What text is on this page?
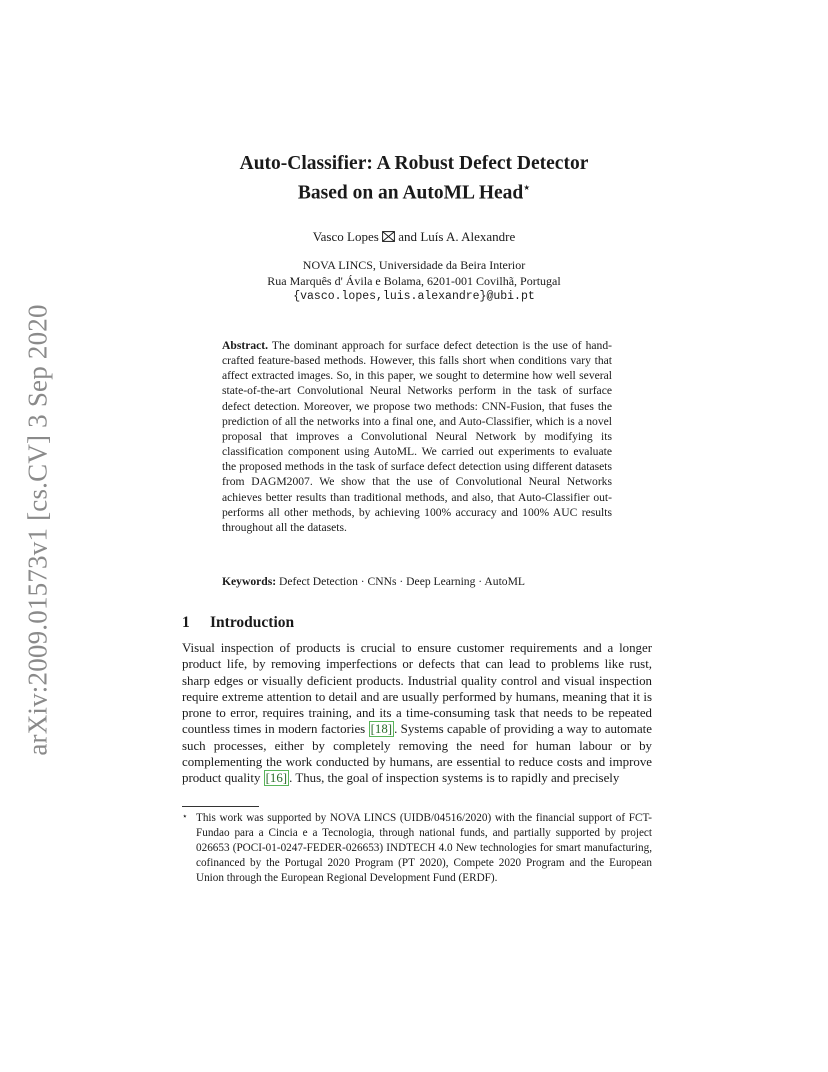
arXiv:2009.01573v1 [cs.CV] 3 Sep 2020
Auto-Classifier: A Robust Defect Detector
Based on an AutoML Head⋆
Vasco Lopes and Luís A. Alexandre
NOVA LINCS, Universidade da Beira Interior
Rua Marquês d' Ávila e Bolama, 6201-001 Covilhã, Portugal
{vasco.lopes,luis.alexandre}@ubi.pt
Abstract. The dominant approach for surface defect detection is the use of hand-crafted feature-based methods. However, this falls short when conditions vary that affect extracted images. So, in this paper, we sought to determine how well several state-of-the-art Convolutional Neural Networks perform in the task of surface defect detection. Moreover, we propose two methods: CNN-Fusion, that fuses the prediction of all the networks into a final one, and Auto-Classifier, which is a novel proposal that improves a Convolutional Neural Network by modifying its classification component using AutoML. We carried out experiments to evaluate the proposed methods in the task of surface defect detection using different datasets from DAGM2007. We show that the use of Convolutional Neural Networks achieves better results than traditional methods, and also, that Auto-Classifier out-performs all other methods, by achieving 100% accuracy and 100% AUC results throughout all the datasets.
Keywords: Defect Detection · CNNs · Deep Learning · AutoML
1 Introduction
Visual inspection of products is crucial to ensure customer requirements and a longer product life, by removing imperfections or defects that can lead to problems like rust, sharp edges or visually deficient products. Industrial quality control and visual inspection require extreme attention to detail and are usually performed by humans, meaning that it is prone to error, requires training, and its a time-consuming task that needs to be repeated countless times in modern factories [18] . Systems capable of providing a way to automate such processes, either by completely removing the need for human labour or by complementing the work conducted by humans, are essential to reduce costs and improve product quality [16] . Thus, the goal of inspection systems is to rapidly and precisely
⋆ This work was supported by NOVA LINCS (UIDB/04516/2020) with the financial support of FCT-Fundao para a Cincia e a Tecnologia, through national funds, and partially supported by project 026653 (POCI-01-0247-FEDER-026653) INDTECH 4.0 New technologies for smart manufacturing, cofinanced by the Portugal 2020 Program (PT 2020), Compete 2020 Program and the European Union through the European Regional Development Fund (ERDF).
